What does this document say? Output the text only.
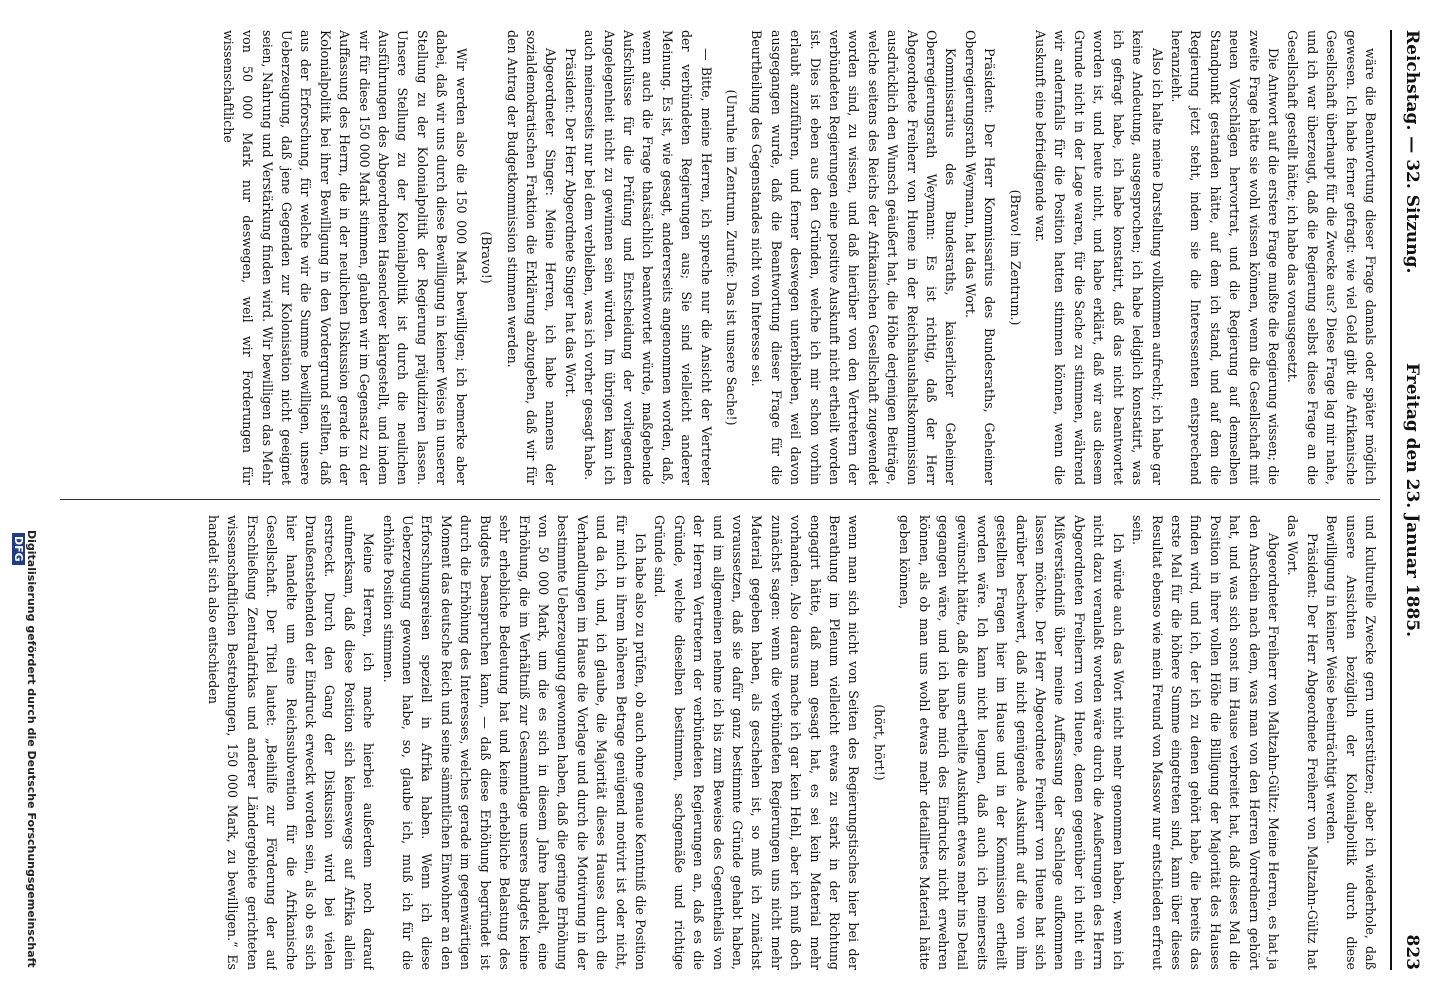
Reichstag. — 32. Sitzung.
Freitag den 23. Januar 1885.
823

wäre die Beantwortung dieser Frage damals oder später möglich gewesen. Ich habe ferner gefragt: wie viel Geld gibt die Afrikanische Gesellschaft überhaupt für die Zwecke aus? Diese Frage lag mir nahe, und ich war überzeugt, daß die Regierung selbst diese Frage an die Gesellschaft gestellt hätte; ich habe das vorausgesetzt.

Die Antwort auf die erstere Frage mußte die Regierung wissen; die zweite Frage hätte sie wohl wissen können, wenn die Gesellschaft mit neuen Vorschlägen hervortrat, und die Regierung auf demselben Standpunkt gestanden hätte, auf dem ich stand, und auf dem die Regierung jetzt steht, indem sie die Interessenten entsprechend heranzieht.

Also ich halte meine Darstellung vollkommen aufrecht; ich habe gar keine Andeutung, ausgesprochen; ich habe lediglich konstatirt, was ich gefragt habe, ich habe konstatirt, daß das nicht beantwortet worden ist, und heute nicht, und habe erklärt, daß wir aus diesem Grunde nicht in der Lage waren, für die Sache zu stimmen, während wir andernfalls für die Position hatten stimmen können, wenn die Auskunft eine befriedigende war.

(Bravo! im Zentrum.)

Präsident: Der Herr Kommissarius des Bundesraths, Geheimer Oberregierungsrath Weymann, hat das Wort.

Kommissarius des Bundesraths, kaiserlicher Geheimer Oberregierungsrath Weymann: Es ist richtig, daß der Herr Abgeordnete Freiherr von Huene in der Reichshaushaltskommission ausdrücklich den Wunsch geäußert hat, die Höhe derjenigen Beiträge, welche seitens des Reichs der Afrikanischen Gesellschaft zugewendet worden sind, zu wissen, und daß hierüber von den Vertretern der verbündeten Regierungen eine positive Auskunft nicht ertheilt worden ist. Dies ist eben aus den Gründen, welche ich mir schon vorhin erlaubt anzuführen, und ferner deswegen unterblieben, weil davon ausgegangen wurde, daß die Beantwortung dieser Frage für die Beurtheilung des Gegenstandes nicht von Interesse sei.

(Unruhe im Zentrum. Zurufe: Das ist unsere Sache!)

— Bitte, meine Herren, ich spreche nur die Ansicht der Vertreter der verbündeten Regierungen aus; Sie sind vielleicht anderer Meinung. Es ist, wie gesagt, andererseits angenommen worden, daß, wenn auch die Frage thatsächlich beantwortet würde, maßgebende Aufschlüsse für die Prüfung und Entscheidung der vorliegenden Angelegenheit nicht zu gewinnen sein würden. Im übrigen kann ich auch meinerseits nur bei dem verbleiben, was ich vorher gesagt habe.

Präsident: Der Herr Abgeordnete Singer hat das Wort.

Abgeordneter Singer: Meine Herren, ich habe namens der sozialdemokratischen Fraktion die Erklärung abzugeben, daß wir für den Antrag der Budgetkommission stimmen werden.

(Bravo!)

Wir werden also die 150 000 Mark bewilligen; ich bemerke aber dabei, daß wir uns durch diese Bewilligung in keiner Weise in unserer Stellung zu der Kolonialpolitik der Regierung präjudiziren lassen. Unsere Stellung zu der Kolonialpolitik ist durch die neulichen Ausführungen des Abgeordneten Hasenclever klargestellt, und indem wir für diese 150 000 Mark stimmen, glauben wir im Gegensatz zu der Auffassung des Herrn, die in der neulichen Diskussion gerade in der Kolonialpolitik bei ihrer Bewilligung in den Vordergrund stellten, daß aus der Erforschung, für welche wir die Summe bewilligen, unsere Ueberzeugung, daß jene Gegenden zur Kolonisation nicht geeignet seien, Nahrung und Verstärkung finden wird. Wir bewilligen das Mehr von 50 000 Mark nur deswegen, weil wir Forderungen für wissenschaftliche

und kulturelle Zwecke gern unterstützen; aber ich wiederhole, daß unsere Ansichten bezüglich der Kolonialpolitik durch diese Bewilligung in keiner Weise beeinträchtigt werden.

Präsident: Der Herr Abgeordnete Freiherr von Maltzahn-Gültz hat das Wort.

Abgeordneter Freiherr von Maltzahn-Gültz: Meine Herren, es hat ja den Anschein nach dem, was man von den Herren Vorrednern gehört hat, und was sich sonst im Hause verbreitet hat, daß dieses Mal die Position in ihrer vollen Höhe die Billigung der Majorität des Hauses finden wird, und ich, der ich zu denen gehört habe, die bereits das erste Mal für die höhere Summe eingetreten sind, kann über dieses Resultat ebenso wie mein Freund von Massow nur entschieden erfreut sein.

Ich würde auch das Wort nicht mehr genommen haben, wenn ich nicht dazu veranlaßt worden wäre durch die Aeußerungen des Herrn Abgeordneten Freiherrn von Huene, denen gegenüber ich nicht ein Mißverständniß über meine Auffassung der Sachlage aufkommen lassen möchte. Der Herr Abgeordnete Freiherr von Huene hat sich darüber beschwert, daß nicht genügende Auskunft auf die von ihm gestellten Fragen hier im Hause und in der Kommission ertheilt worden wäre. Ich kann nicht leugnen, daß auch ich meinerseits gewünscht hätte, daß die uns ertheilte Auskunft etwas mehr ins Detail gegangen wäre, und ich habe mich des Eindrucks nicht erwehren können, als ob man uns wohl etwas mehr detaillirtes Material hätte geben können,

(hört, hört!)

wenn man sich nicht von Seiten des Regierungstisches hier bei der Berathung im Plenum vielleicht etwas zu stark in der Richtung engagirt hätte, daß man gesagt hat, es sei kein Material mehr vorhanden. Also daraus mache ich gar kein Hehl, aber ich muß doch zunächst sagen: wenn die verbündeten Regierungen uns nicht mehr Material gegeben haben, als geschehen ist, so muß ich zunächst voraussetzen, daß sie dafür ganz bestimmte Gründe gehabt haben, und im allgemeinen nehme ich bis zum Beweise des Gegentheils von der Herren Vertretern der verbündeten Regierungen an, daß es die Gründe, welche dieselben bestimmen, sachgemäße und richtige Gründe sind.

Ich habe also zu prüfen, ob auch ohne genaue Kenntniß die Position für mich in ihrem höheren Betrage genügend motivirt ist oder nicht, und da ich, und, ich glaube, die Majorität dieses Hauses durch die Verhandlungen im Hause die Vorlage und durch die Motivirung in der bestimmte Ueberzeugung gewonnen haben, daß die geringe Erhöhung von 50 000 Mark, um die es sich in diesem Jahre handelt, eine Erhöhung, die im Verhältniß zur Gesammtlage unseres Budgets keine sehr erhebliche Bedeutung hat und keine erhebliche Belastung des Budgets beanspruchen kann, — daß diese Erhöhung begründet ist durch die Erhöhung des Interesses, welches gerade im gegenwärtigen Moment das deutsche Reich und seine sämmtlichen Einwohner an den Erforschungsreisen speziell in Afrika haben. Wenn ich diese Ueberzeugung gewonnen habe, so, glaube ich, muß ich für die erhöhte Position stimmen.

Meine Herren, ich mache hierbei außerdem noch darauf aufmerksam, daß diese Position sich keineswegs auf Afrika allein erstreckt. Durch den Gang der Diskussion wird bei vielen Draußenstehenden der Eindruck erweckt worden sein, als ob es sich hier handelte um eine Reichssubvention für die Afrikanische Gesellschaft. Der Titel lautet: „Beihilfe zur Förderung der auf Erschließung Zentralafrikas und anderer Ländergebiete gerichteten wissenschaftlichen Bestrebungen, 150 000 Mark, zu bewilligen.“ Es handelt sich also entschieden

Digitalisierung gefördert durch die Deutsche ForschungsgemeinschaftDFG
